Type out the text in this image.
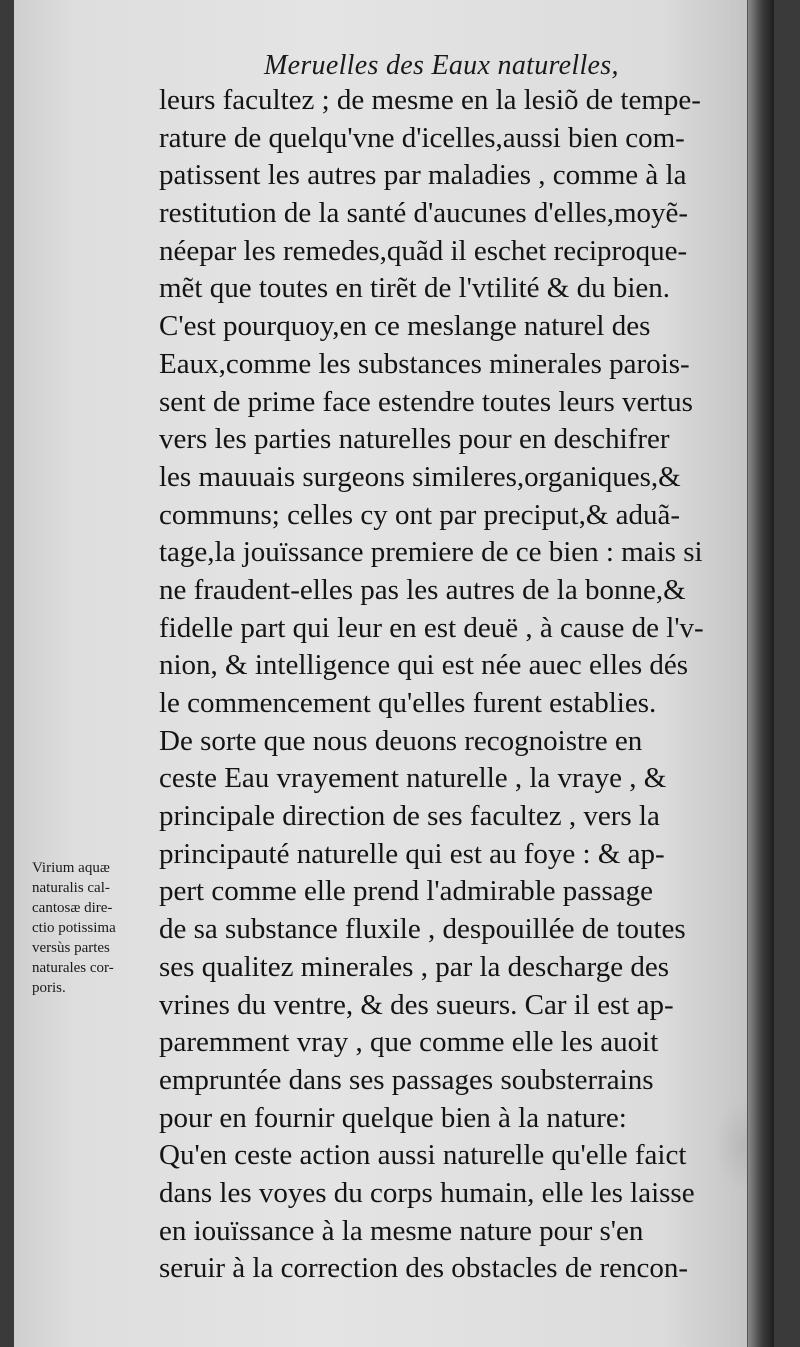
Meruelles des Eaux naturelles,
leurs facultez ; de mesme en la lesiõ de tempe-
rature de quelqu'vne d'icelles,aussi bien com-
patissent les autres par maladies , comme à la
restitution de la santé d'aucunes d'elles,moyẽ-
néepar les remedes,quãd il eschet reciproque-
mẽt que toutes en tirẽt de l'vtilité & du bien.
C'est pourquoy,en ce meslange naturel des
Eaux,comme les substances minerales parois-
sent de prime face estendre toutes leurs vertus
vers les parties naturelles pour en deschifrer
les mauuais surgeons simileres,organiques,&
communs; celles cy ont par preciput,& aduã-
tage,la jouïssance premiere de ce bien : mais si
ne fraudent-elles pas les autres de la bonne,&
fidelle part qui leur en est deuë , à cause de l'v-
nion, & intelligence qui est née auec elles dés
le commencement qu'elles furent establies.
De sorte que nous deuons recognoistre en
ceste Eau vrayement naturelle , la vraye , &
principale direction de ses facultez , vers la
principauté naturelle qui est au foye : & ap-
pert comme elle prend l'admirable passage
de sa substance fluxile , despouillée de toutes
ses qualitez minerales , par la descharge des
vrines du ventre, & des sueurs. Car il est ap-
paremment vray , que comme elle les auoit
empruntée dans ses passages soubsterrains
pour en fournir quelque bien à la nature:
Qu'en ceste action aussi naturelle qu'elle faict
dans les voyes du corps humain, elle les laisse
en iouïssance à la mesme nature pour s'en
seruir à la correction des obstacles de rencon-
Virium aquæ
naturalis cal-
cantosæ dire-
ctio potissima
versùs partes
naturales cor-
poris.
